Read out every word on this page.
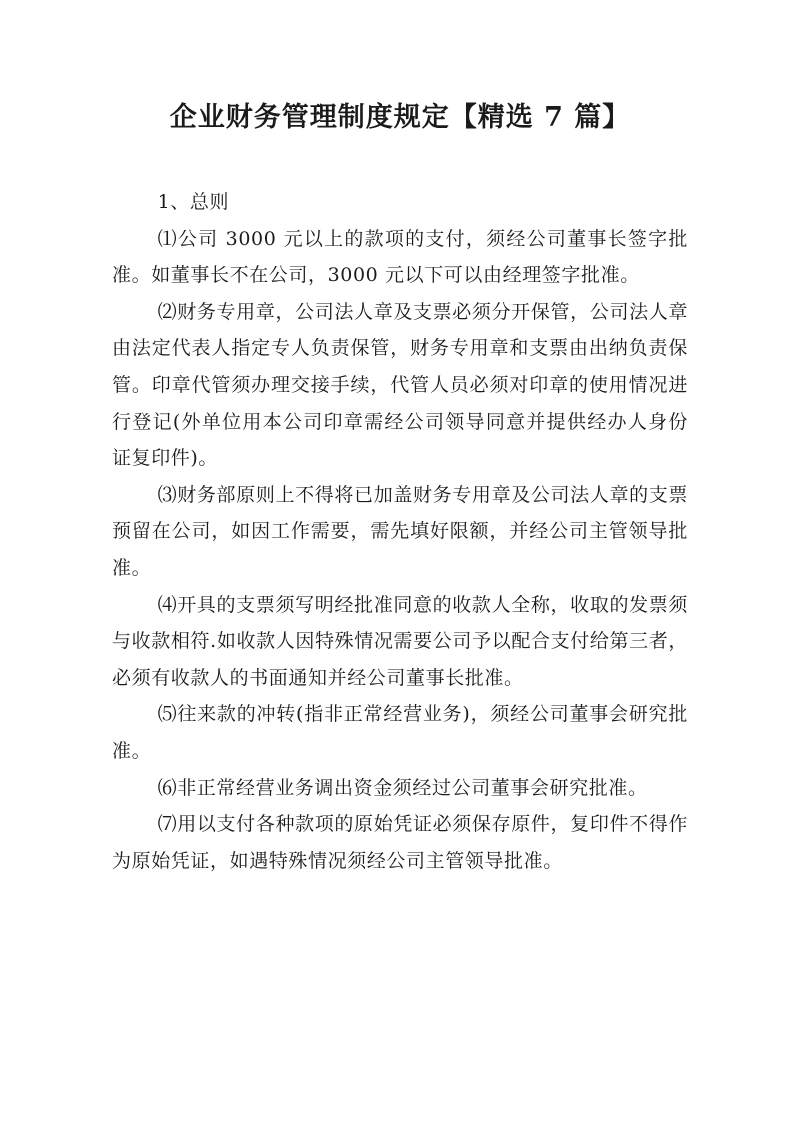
企业财务管理制度规定【精选 7 篇】

1、总则

⑴公司 3000 元以上的款项的支付，须经公司董事长签字批准。如董事长不在公司，3000 元以下可以由经理签字批准。

⑵财务专用章，公司法人章及支票必须分开保管，公司法人章由法定代表人指定专人负责保管，财务专用章和支票由出纳负责保管。印章代管须办理交接手续，代管人员必须对印章的使用情况进行登记(外单位用本公司印章需经公司领导同意并提供经办人身份证复印件)。

⑶财务部原则上不得将已加盖财务专用章及公司法人章的支票预留在公司，如因工作需要，需先填好限额，并经公司主管领导批准。

⑷开具的支票须写明经批准同意的收款人全称，收取的发票须与收款相符.如收款人因特殊情况需要公司予以配合支付给第三者，必须有收款人的书面通知并经公司董事长批准。

⑸往来款的冲转(指非正常经营业务)，须经公司董事会研究批准。

⑹非正常经营业务调出资金须经过公司董事会研究批准。

⑺用以支付各种款项的原始凭证必须保存原件，复印件不得作为原始凭证，如遇特殊情况须经公司主管领导批准。
